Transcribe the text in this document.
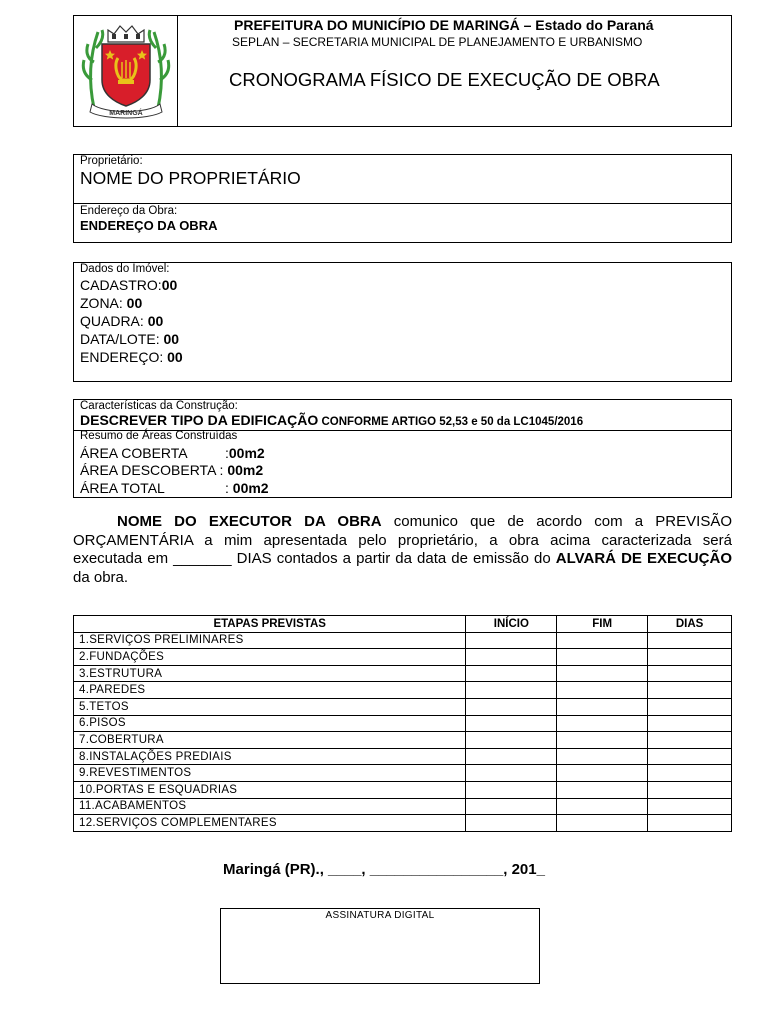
MARINGÁ
PREFEITURA DO MUNICÍPIO DE MARINGÁ – Estado do Paraná
SEPLAN – SECRETARIA MUNICIPAL DE PLANEJAMENTO E URBANISMO
CRONOGRAMA FÍSICO DE EXECUÇÃO DE OBRA
Proprietário:
NOME DO PROPRIETÁRIO
Endereço da Obra:
ENDEREÇO DA OBRA
Dados do Imóvel:
CADASTRO:00
ZONA: 00
QUADRA: 00
DATA/LOTE: 00
ENDEREÇO: 00
Características da Construção:
DESCREVER TIPO DA EDIFICAÇÃO CONFORME ARTIGO 52,53 e 50 da LC1045/2016
Resumo de Áreas Construídas
ÁREA COBERTA	:00m2
ÁREA DESCOBERTA : 00m2
ÁREA TOTAL	: 00m2
NOME DO EXECUTOR DA OBRA comunico que de acordo com a PREVISÃO ORÇAMENTÁRIA a mim apresentada pelo proprietário, a obra acima caracterizada será executada em _______ DIAS contados a partir da data de emissão do ALVARÁ DE EXECUÇÃO da obra.
ETAPAS PREVISTAS	INÍCIO	FIM	DIAS
1.SERVIÇOS PRELIMINARES			
2.FUNDAÇÕES			
3.ESTRUTURA			
4.PAREDES			
5.TETOS			
6.PISOS			
7.COBERTURA			
8.INSTALAÇÕES PREDIAIS			
9.REVESTIMENTOS			
10.PORTAS E ESQUADRIAS			
11.ACABAMENTOS			
12.SERVIÇOS COMPLEMENTARES			
Maringá (PR)., ____, ________________, 201_
ASSINATURA DIGITAL
